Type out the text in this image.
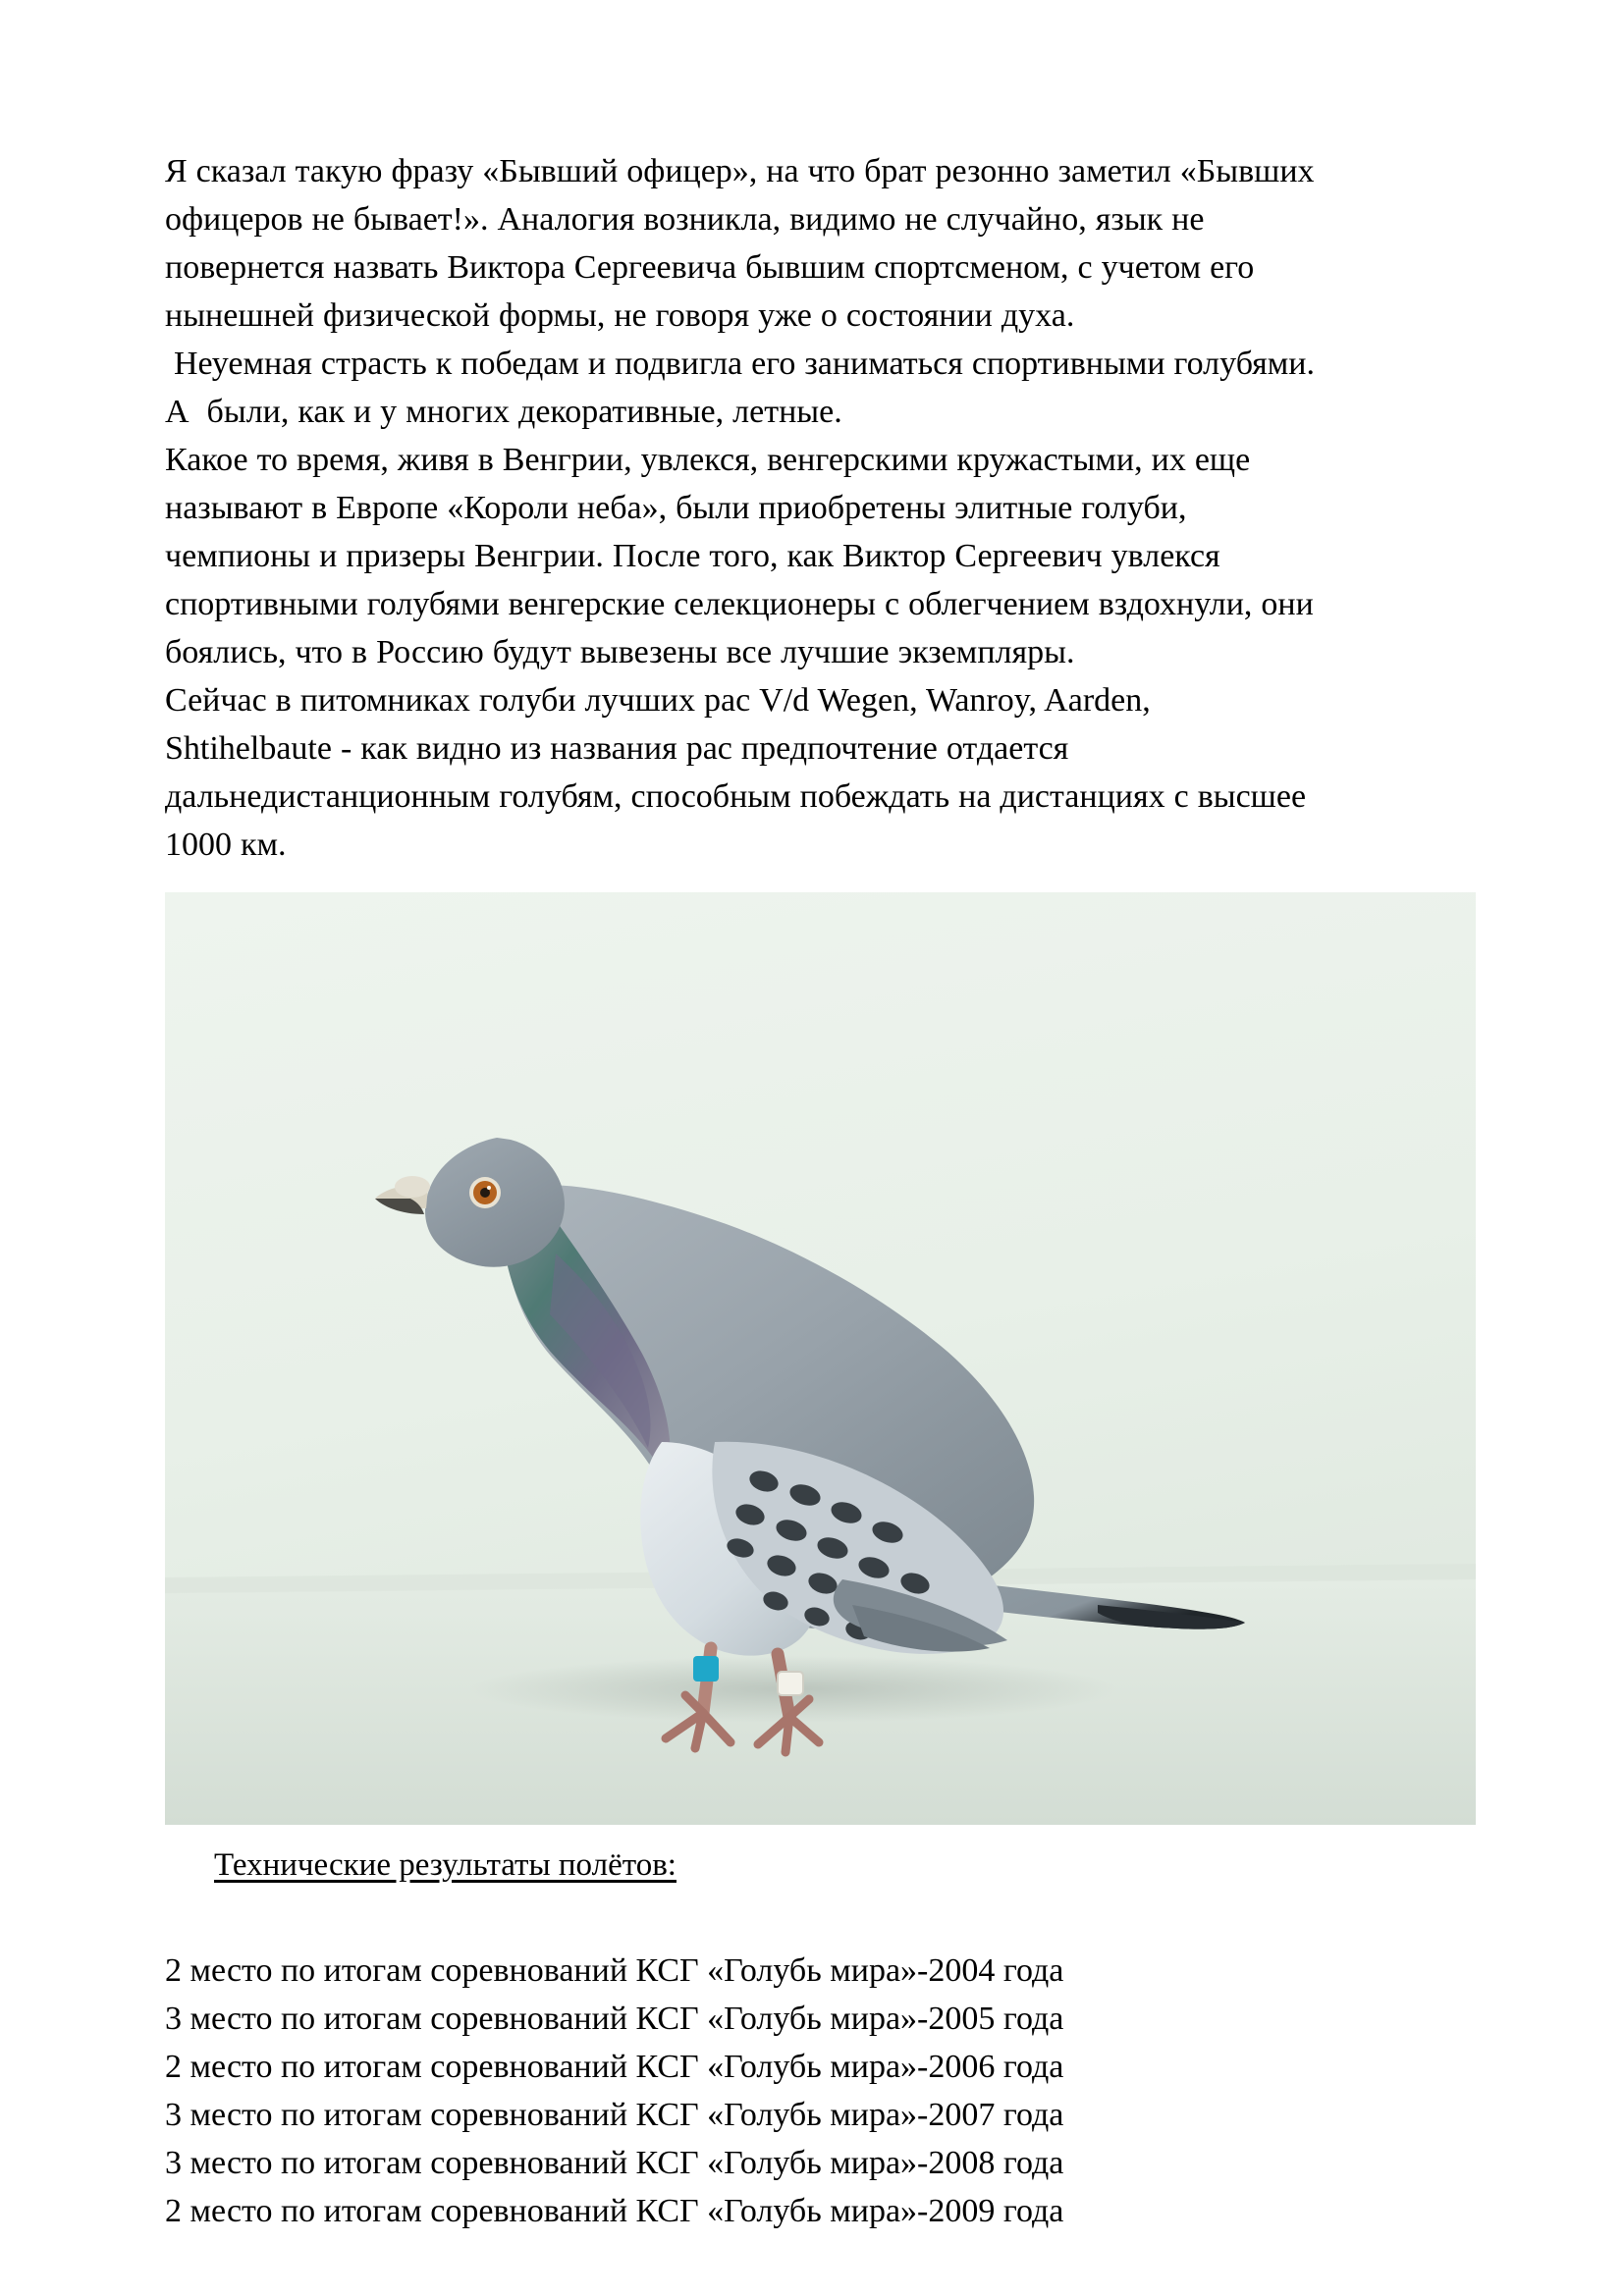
Я сказал такую фразу «Бывший офицер», на что брат резонно заметил «Бывших
офицеров не бывает!». Аналогия возникла, видимо не случайно, язык не
повернется назвать Виктора Сергеевича бывшим спортсменом, с учетом его
нынешней физической формы, не говоря уже о состоянии духа.
Неуемная страсть к победам и подвигла его заниматься спортивными голубями.
А  были, как и у многих декоративные, летные.

Какое то время, живя в Венгрии, увлекся, венгерскими кружастыми, их еще
называют в Европе «Короли неба», были приобретены элитные голуби,
чемпионы и призеры Венгрии. После того, как Виктор Сергеевич увлекся
спортивными голубями венгерские селекционеры с облегчением вздохнули, они
боялись, что в Россию будут вывезены все лучшие экземпляры.

Сейчас в питомниках голуби лучших рас V/d Wegen, Wanroy, Aarden,
Shtihelbaute - как видно из названия рас предпочтение отдается
дальнедистанционным голубям, способным побеждать на дистанциях с высшее
1000 км.

Технические результаты полётов:
2 место по итогам соревнований КСГ «Голубь мира»-2004 года
3 место по итогам соревнований КСГ «Голубь мира»-2005 года
2 место по итогам соревнований КСГ «Голубь мира»-2006 года
3 место по итогам соревнований КСГ «Голубь мира»-2007 года
3 место по итогам соревнований КСГ «Голубь мира»-2008 года
2 место по итогам соревнований КСГ «Голубь мира»-2009 года
